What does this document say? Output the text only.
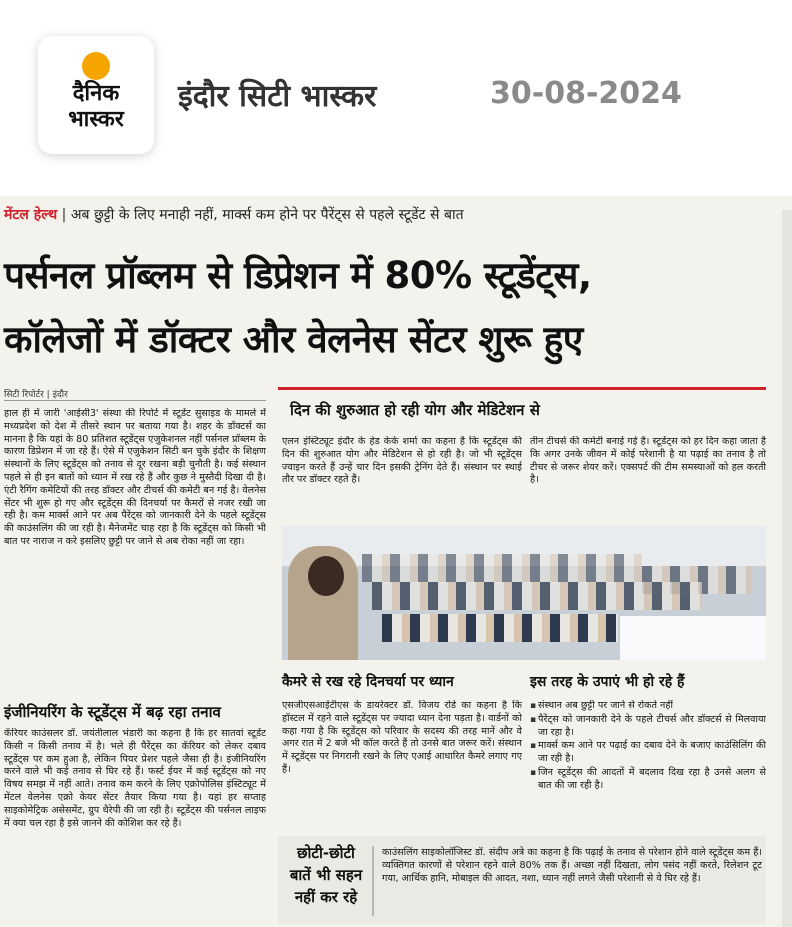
दैनिक
भास्कर
इंदौर सिटी भास्कर	30-08-2024
मेंटल हेल्थ | अब छुट्टी के लिए मनाही नहीं, मार्क्स कम होने पर पैरेंट्स से पहले स्टूडेंट से बात
पर्सनल प्रॉब्लम से डिप्रेशन में 80% स्टूडेंट्स,
कॉलेजों में डॉक्टर और वेलनेस सेंटर शुरू हुए
सिटी रिपोर्टर | इंदौर
हाल ही में जारी 'आईसी3' संस्था की रिपोर्ट में स्टूडेंट सुसाइड के मामले में मध्यप्रदेश को देश में तीसरे स्थान पर बताया गया है। शहर के डॉक्टर्स का मानना है कि यहां के 80 प्रतिशत स्टूडेंट्स एजुकेशनल नहीं पर्सनल प्रॉब्लम के कारण डिप्रेशन में जा रहे हैं। ऐसे में एजुकेशन सिटी बन चुके इंदौर के शिक्षण संस्थानों के लिए स्टूडेंट्स को तनाव से दूर रखना बड़ी चुनौती है। कई संस्थान पहले से ही इन बातों को ध्यान में रख रहे हैं और कुछ ने मुस्तैदी दिखा दी है। एंटी रैगिंग कमेटियों की तरह डॉक्टर और टीचर्स की कमेटी बन गई है। वेलनेस सेंटर भी शुरू हो गए और स्टूडेंट्स की दिनचर्या पर कैमरों से नजर रखी जा रही है। कम मार्क्स आने पर अब पैरेंट्स को जानकारी देने के पहले स्टूडेंट्स की काउंसलिंग की जा रही है। मैनेजमेंट चाह रहा है कि स्टूडेंट्स को किसी भी बात पर नाराज न करे इसलिए छुट्टी पर जाने से अब रोका नहीं जा रहा।
इंजीनियरिंग के स्टूडेंट्स में बढ़ रहा तनाव
कॅरियर काउंसलर डॉ. जयंतीलाल भंडारी का कहना है कि हर सातवां स्टूडेंट किसी न किसी तनाव में है। भले ही पैरेंट्स का कॅरियर को लेकर दबाव स्टूडेंट्स पर कम हुआ है, लेकिन पियर प्रेशर पहले जैसा ही है। इंजीनियरिंग करने वाले भी कई तनाव से घिर रहे हैं। फर्स्ट ईयर में कई स्टूडेंट्स को नए विषय समझ में नहीं आते। तनाव कम करने के लिए एक्रोपोलिस इंस्टिट्यूट में मेंटल वेलनेस एक्रो केयर सेंटर तैयार किया गया है। यहां हर सप्ताह साइकोमेट्रिक असेसमेंट, ग्रुप थैरेपी की जा रही है। स्टूडेंट्स की पर्सनल लाइफ में क्या चल रहा है इसे जानने की कोशिश कर रहे हैं।
दिन की शुरुआत हो रही योग और मेडिटेशन से
एलन इंस्टिट्यूट इंदौर के हेड केके शर्मा का कहना है कि स्टूडेंट्स की दिन की शुरुआत योग और मेडिटेशन से हो रही है। जो भी स्टूडेंट्स ज्वाइन करते हैं उन्हें चार दिन इसकी ट्रेनिंग देते हैं। संस्थान पर स्थाई तौर पर डॉक्टर रहते हैं।
तीन टीचर्स की कमेटी बनाई गई है। स्टूडेंट्स को हर दिन कहा जाता है कि अगर उनके जीवन में कोई परेशानी है या पढ़ाई का तनाव है तो टीचर से जरूर शेयर करें। एक्सपर्ट की टीम समस्याओं को हल करती है।
कैमरे से रख रहे दिनचर्या पर ध्यान	इस तरह के उपाएं भी हो रहे हैं
एसजीएसआईटीएस के डायरेक्टर डॉ. विजय रोडे का कहना है कि हॉस्टल में रहने वाले स्टूडेंट्स पर ज्यादा ध्यान देना पड़ता है। वार्डनों को कहा गया है कि स्टूडेंट्स को परिवार के सदस्य की तरह मानें और वे अगर रात में 2 बजे भी कॉल करते हैं तो उनसे बात जरूर करें। संस्थान में स्टूडेंट्स पर निगरानी रखने के लिए एआई आधारित कैमरे लगाए गए हैं।
▪ संस्थान अब छुट्टी पर जाने से रोकते नहीं
▪ पैरेंट्स को जानकारी देने के पहले टीचर्स और डॉक्टर्स से मिलवाया जा रहा है।
▪ मार्क्स कम आने पर पढ़ाई का दबाव देने के बजाए काउंसिलिंग की जा रही है।
▪ जिन स्टूडेंट्स की आदतों में बदलाव दिख रहा है उनसे अलग से बात की जा रही है।
छोटी-छोटी
बातें भी सहन
नहीं कर रहे
काउंसलिंग साइकोलॉजिस्ट डॉ. संदीप अत्रे का कहना है कि पढ़ाई के तनाव से परेशान होने वाले स्टूडेंट्स कम हैं। व्यक्तिगत कारणों से परेशान रहने वाले 80% तक हैं। अच्छा नहीं दिखता, लोग पसंद नहीं करते, रिलेशन टूट गया, आर्थिक हानि, मोबाइल की आदत, नशा, ध्यान नहीं लगने जैसी परेशानी से वे घिर रहे हैं।
